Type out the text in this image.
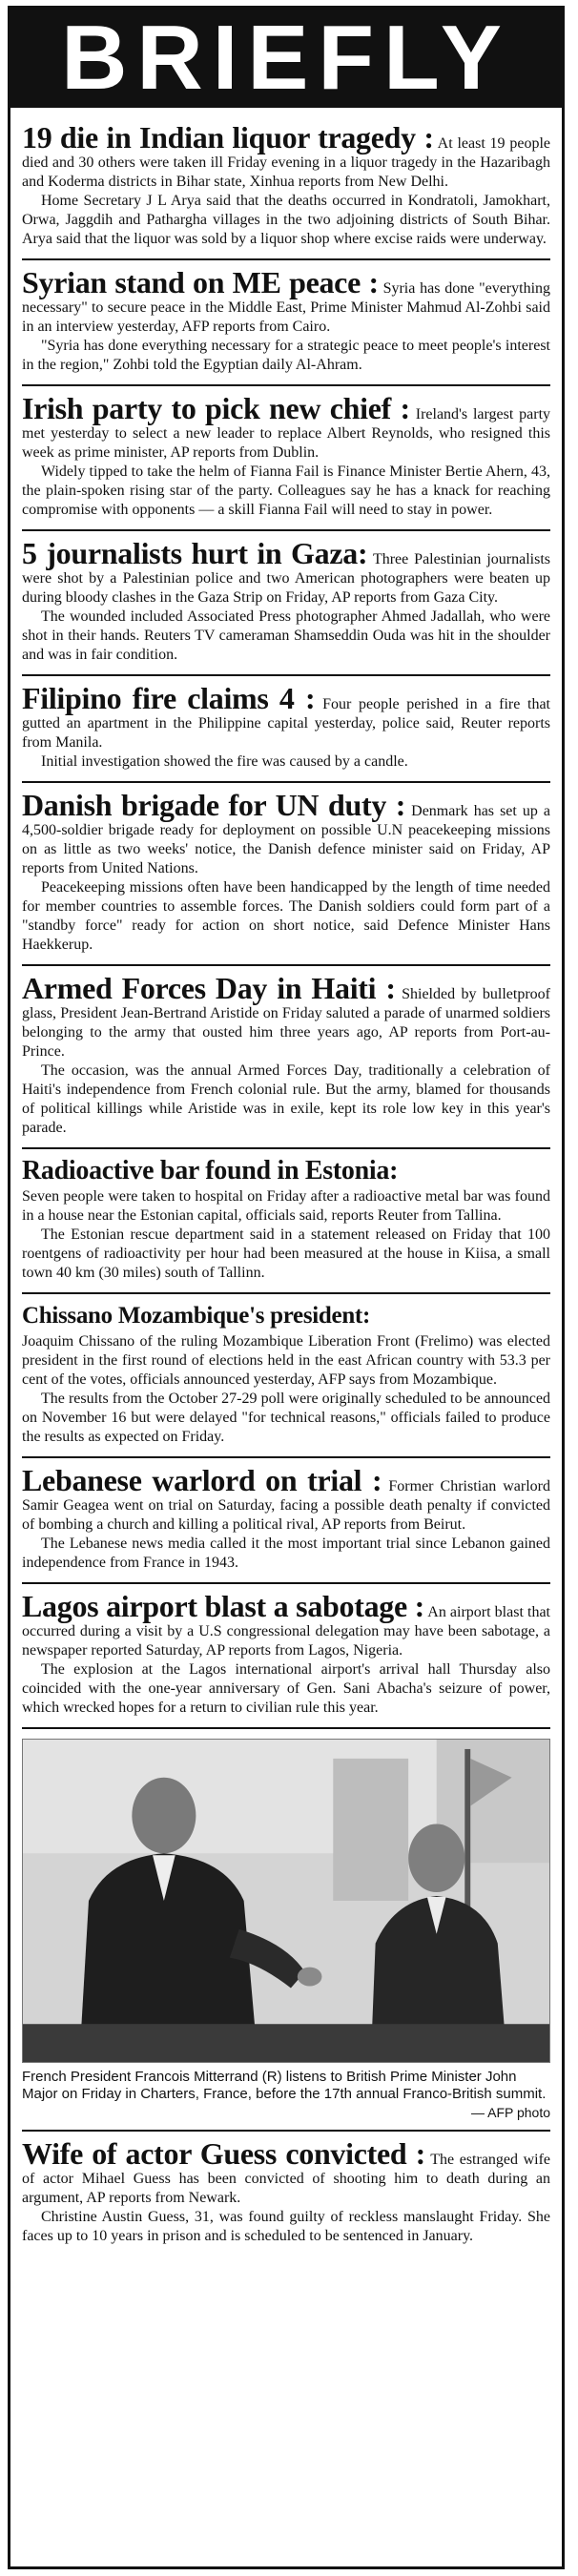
BRIEFLY

19 die in Indian liquor tragedy : At least 19 people died and 30 others were taken ill Friday evening in a liquor tragedy in the Hazaribagh and Koderma districts in Bihar state, Xinhua reports from New Delhi.

Home Secretary J L Arya said that the deaths occurred in Kondratoli, Jamokhart, Orwa, Jaggdih and Pathargha villages in the two adjoining districts of South Bihar. Arya said that the liquor was sold by a liquor shop where excise raids were underway.

Syrian stand on ME peace : Syria has done "everything necessary" to secure peace in the Middle East, Prime Minister Mahmud Al-Zohbi said in an interview yesterday, AFP reports from Cairo.

"Syria has done everything necessary for a strategic peace to meet people's interest in the region," Zohbi told the Egyptian daily Al-Ahram.

Irish party to pick new chief : Ireland's largest party met yesterday to select a new leader to replace Albert Reynolds, who resigned this week as prime minister, AP reports from Dublin.

Widely tipped to take the helm of Fianna Fail is Finance Minister Bertie Ahern, 43, the plain-spoken rising star of the party. Colleagues say he has a knack for reaching compromise with opponents — a skill Fianna Fail will need to stay in power.

5 journalists hurt in Gaza: Three Palestinian journalists were shot by a Palestinian police and two American photographers were beaten up during bloody clashes in the Gaza Strip on Friday, AP reports from Gaza City.

The wounded included Associated Press photographer Ahmed Jadallah, who were shot in their hands. Reuters TV cameraman Shamseddin Ouda was hit in the shoulder and was in fair condition.

Filipino fire claims 4 : Four people perished in a fire that gutted an apartment in the Philippine capital yesterday, police said, Reuter reports from Manila.

Initial investigation showed the fire was caused by a candle.

Danish brigade for UN duty : Denmark has set up a 4,500-soldier brigade ready for deployment on possible U.N peacekeeping missions on as little as two weeks' notice, the Danish defence minister said on Friday, AP reports from United Nations.

Peacekeeping missions often have been handicapped by the length of time needed for member countries to assemble forces. The Danish soldiers could form part of a "standby force" ready for action on short notice, said Defence Minister Hans Haekkerup.

Armed Forces Day in Haiti : Shielded by bulletproof glass, President Jean-Bertrand Aristide on Friday saluted a parade of unarmed soldiers belonging to the army that ousted him three years ago, AP reports from Port-au-Prince.

The occasion, was the annual Armed Forces Day, traditionally a celebration of Haiti's independence from French colonial rule. But the army, blamed for thousands of political killings while Aristide was in exile, kept its role low key in this year's parade.

Radioactive bar found in Estonia:

Seven people were taken to hospital on Friday after a radioactive metal bar was found in a house near the Estonian capital, officials said, reports Reuter from Tallina.

The Estonian rescue department said in a statement released on Friday that 100 roentgens of radioactivity per hour had been measured at the house in Kiisa, a small town 40 km (30 miles) south of Tallinn.

Chissano Mozambique's president:

Joaquim Chissano of the ruling Mozambique Liberation Front (Frelimo) was elected president in the first round of elections held in the east African country with 53.3 per cent of the votes, officials announced yesterday, AFP says from Mozambique.

The results from the October 27-29 poll were originally scheduled to be announced on November 16 but were delayed "for technical reasons," officials failed to produce the results as expected on Friday.

Lebanese warlord on trial : Former Christian warlord Samir Geagea went on trial on Saturday, facing a possible death penalty if convicted of bombing a church and killing a political rival, AP reports from Beirut.

The Lebanese news media called it the most important trial since Lebanon gained independence from France in 1943.

Lagos airport blast a sabotage : An airport blast that occurred during a visit by a U.S congressional delegation may have been sabotage, a newspaper reported Saturday, AP reports from Lagos, Nigeria.

The explosion at the Lagos international airport's arrival hall Thursday also coincided with the one-year anniversary of Gen. Sani Abacha's seizure of power, which wrecked hopes for a return to civilian rule this year.

French President Francois Mitterrand (R) listens to British Prime Minister John Major on Friday in Charters, France, before the 17th annual Franco-British summit.

— AFP photo

Wife of actor Guess convicted : The estranged wife of actor Mihael Guess has been convicted of shooting him to death during an argument, AP reports from Newark.

Christine Austin Guess, 31, was found guilty of reckless manslaught Friday. She faces up to 10 years in prison and is scheduled to be sentenced in January.
